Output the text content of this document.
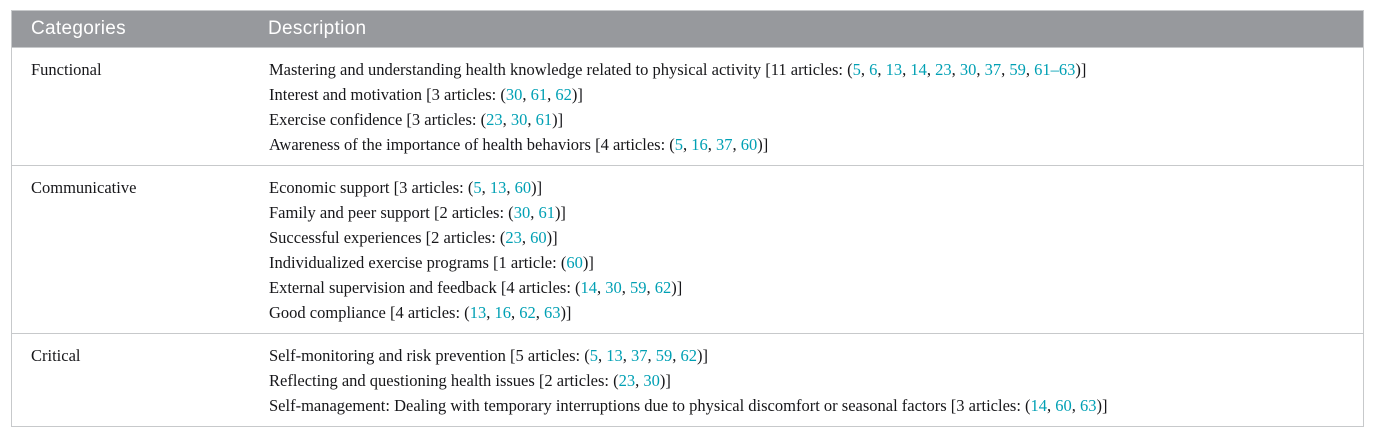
Categories	Description
Functional	Mastering and understanding health knowledge related to physical activity [11 articles: (5, 6, 13, 14, 23, 30, 37, 59, 61–63)]
Interest and motivation [3 articles: (30, 61, 62)]
Exercise confidence [3 articles: (23, 30, 61)]
Awareness of the importance of health behaviors [4 articles: (5, 16, 37, 60)]

Communicative	Economic support [3 articles: (5, 13, 60)]
Family and peer support [2 articles: (30, 61)]
Successful experiences [2 articles: (23, 60)]
Individualized exercise programs [1 article: (60)]
External supervision and feedback [4 articles: (14, 30, 59, 62)]
Good compliance [4 articles: (13, 16, 62, 63)]

Critical	Self-monitoring and risk prevention [5 articles: (5, 13, 37, 59, 62)]
Reflecting and questioning health issues [2 articles: (23, 30)]
Self-management: Dealing with temporary interruptions due to physical discomfort or seasonal factors [3 articles: (14, 60, 63)]
